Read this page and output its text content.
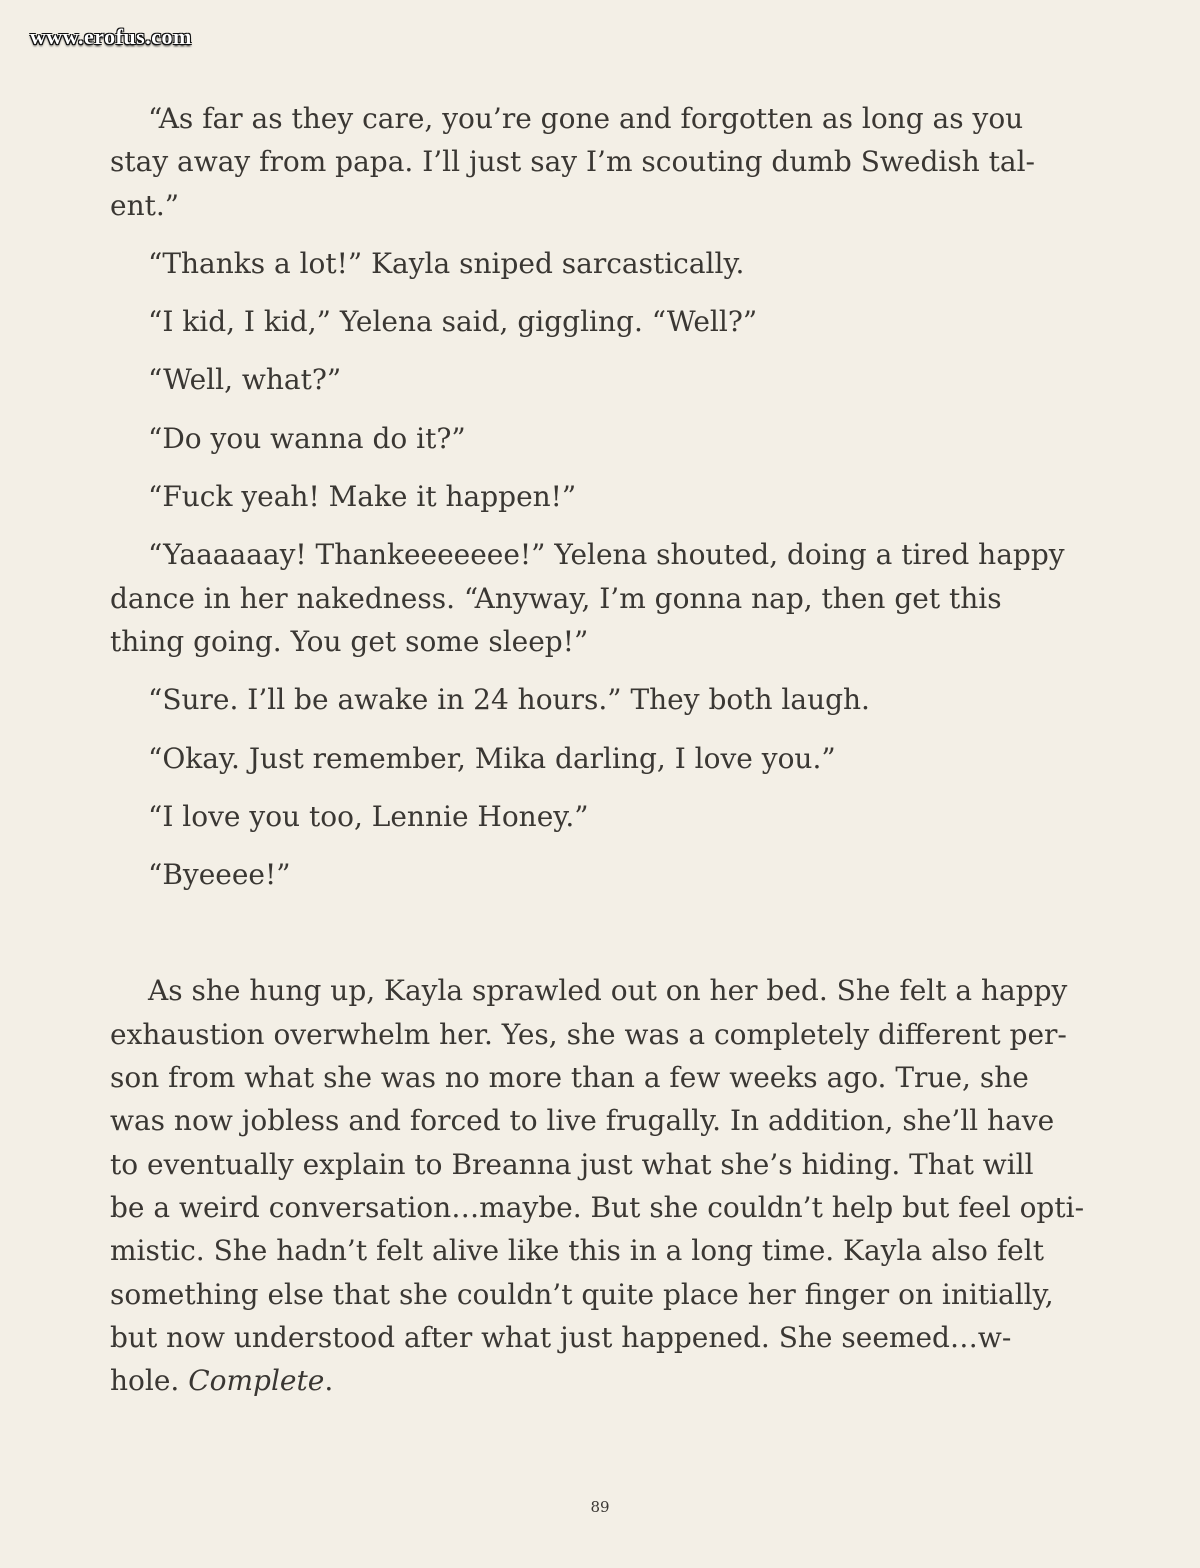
www.erofus.com

“As far as they care, you’re gone and forgotten as long as you
stay away from papa. I’ll just say I’m scouting dumb Swedish tal-
ent.”

“Thanks a lot!” Kayla sniped sarcastically.

“I kid, I kid,” Yelena said, giggling. “Well?”

“Well, what?”

“Do you wanna do it?”

“Fuck yeah! Make it happen!”

“Yaaaaaay! Thankeeeeeee!” Yelena shouted, doing a tired happy
dance in her nakedness. “Anyway, I’m gonna nap, then get this
thing going. You get some sleep!”

“Sure. I’ll be awake in 24 hours.” They both laugh.

“Okay. Just remember, Mika darling, I love you.”

“I love you too, Lennie Honey.”

“Byeeee!”

As she hung up, Kayla sprawled out on her bed. She felt a happy
exhaustion overwhelm her. Yes, she was a completely different per-
son from what she was no more than a few weeks ago. True, she
was now jobless and forced to live frugally. In addition, she’ll have
to eventually explain to Breanna just what she’s hiding. That will
be a weird conversation…maybe. But she couldn’t help but feel opti-
mistic. She hadn’t felt alive like this in a long time. Kayla also felt
something else that she couldn’t quite place her finger on initially,
but now understood after what just happened. She seemed…w-
hole. Complete.

89
